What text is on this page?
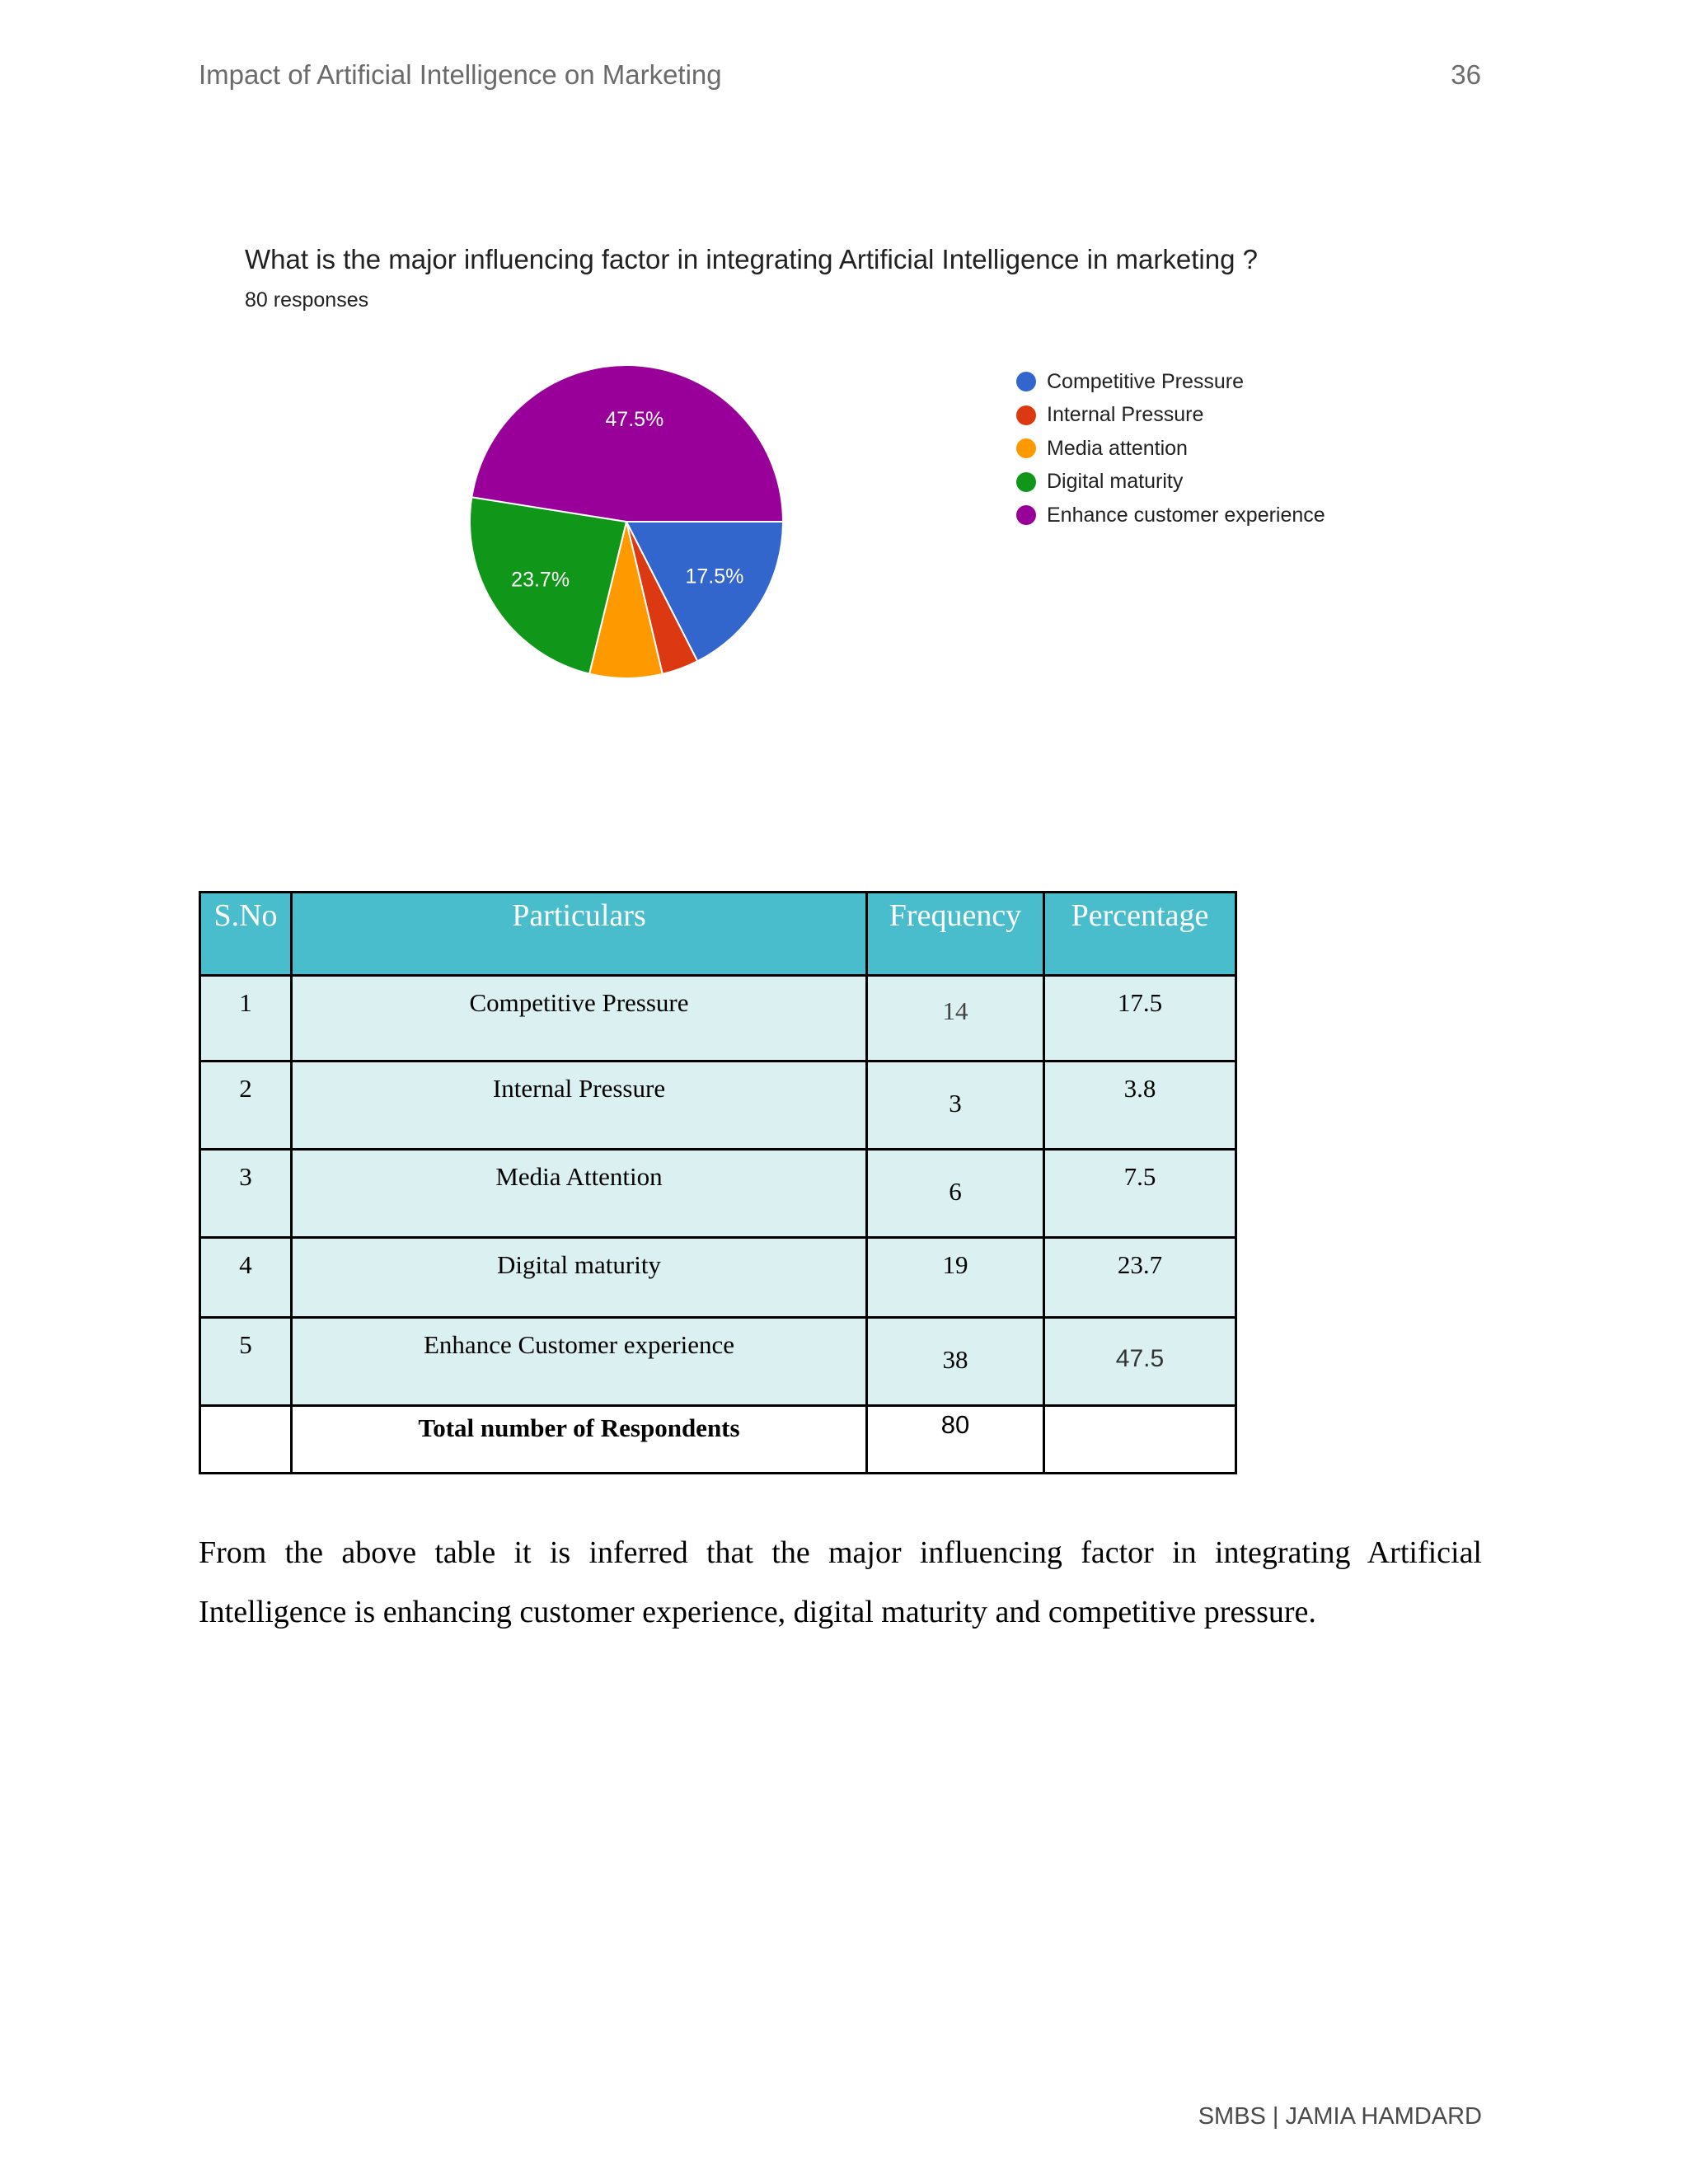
Impact of Artificial Intelligence on Marketing	36
What is the major influencing factor in integrating Artificial Intelligence in marketing ?
80 responses
17.5%
23.7%
47.5%
Competitive Pressure
Internal Pressure
Media attention
Digital maturity
Enhance customer experience
S.No	Particulars	Frequency	Percentage
1	Competitive Pressure	14	17.5
2	Internal Pressure	3	3.8
3	Media Attention	6	7.5
4	Digital maturity	19	23.7
5	Enhance Customer experience	38	47.5
	Total number of Respondents	80	
From the above table it is inferred that the major influencing factor in integrating Artificial Intelligence is enhancing customer experience, digital maturity and competitive pressure.
SMBS | JAMIA HAMDARD
